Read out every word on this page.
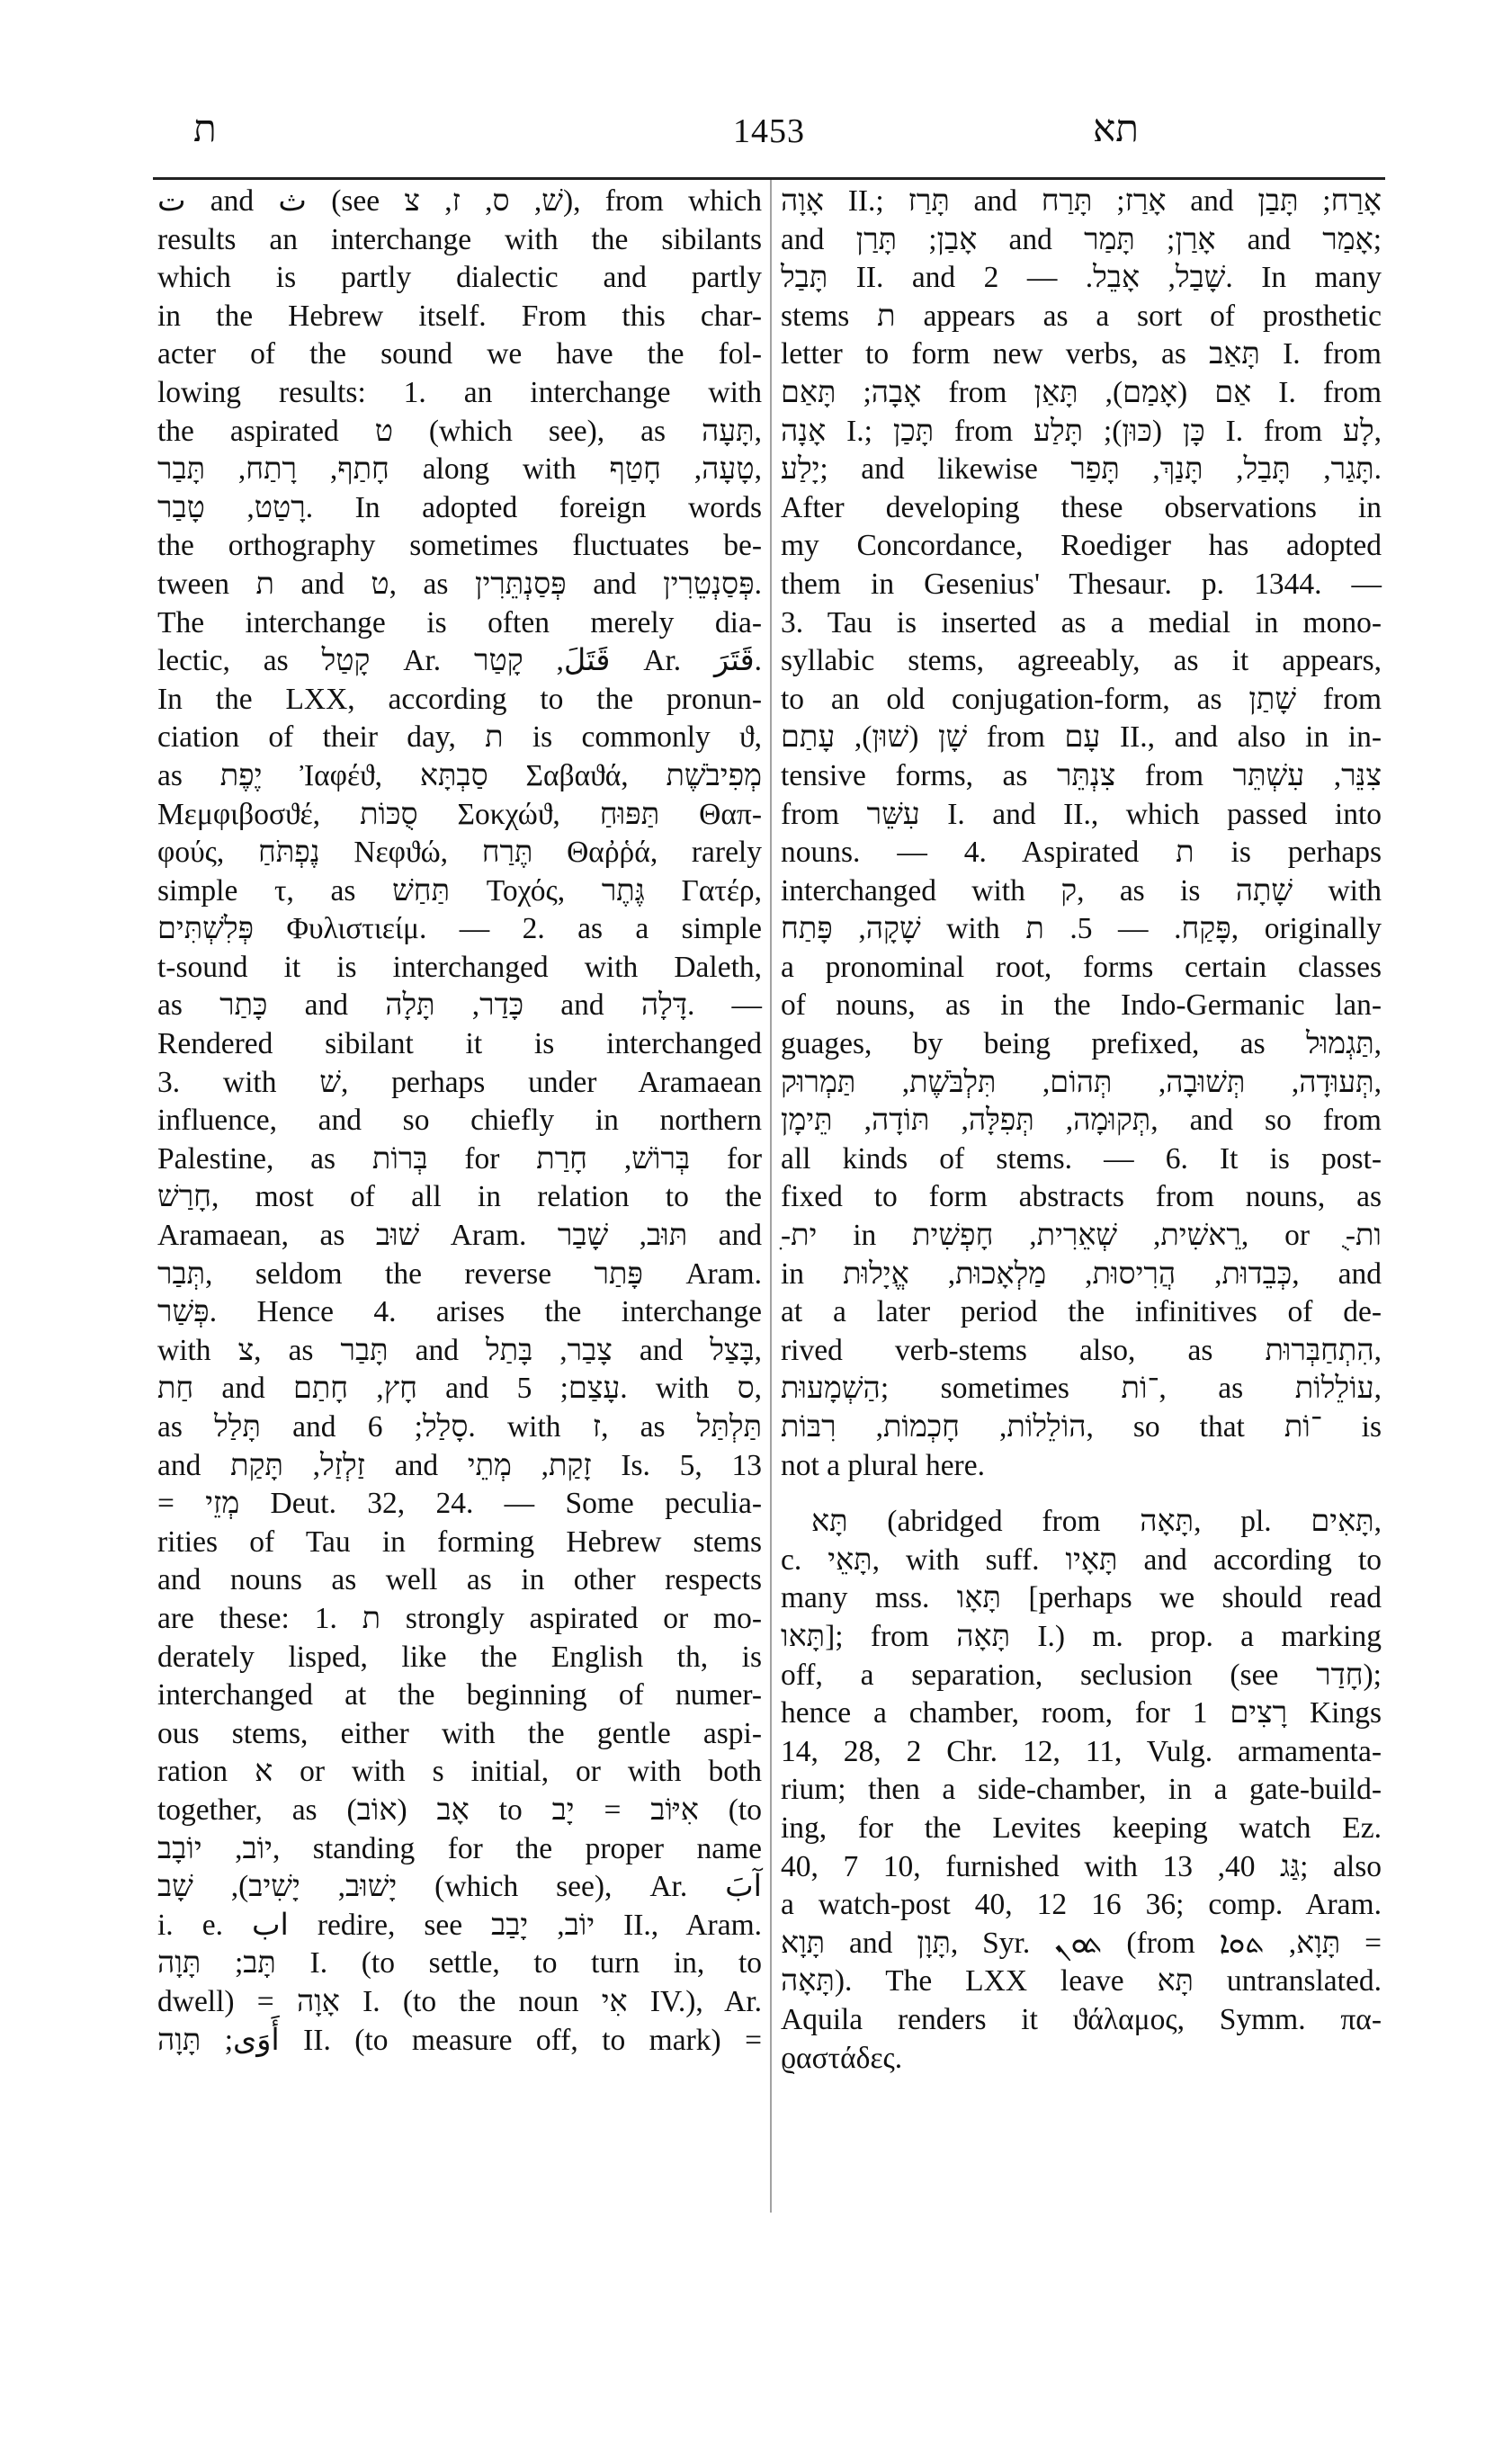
ת	1453	תא
ت and ث (see שׁ, ס, ז, צ), from which
results an interchange with the sibilants
which is partly dialectic and partly
in the Hebrew itself. From this char-
acter of the sound we have the fol-
lowing results: 1. an interchange with
the aspirated ט (which see), as תָּעָה,
חָתַף, רָתַח, תָּבַר along with טָעָה, חָטַף,
רָטַט, טָבַר. In adopted foreign words
the orthography sometimes fluctuates be-
tween ת and ט, as פְּסַנְתֵּרִין and פְּסַנְטֵרִין.
The interchange is often merely dia-
lectic, as קָטַל Ar. قَتَلَ, קָטַר Ar. قَتَرَ.
In the LXX, according to the pronun-
ciation of their day, ת is commonly ϑ,
as יֶפֶת Ἰαφέϑ, סַבְתָּא Σαβαϑά, מְפִיבֹשֶׁת
Μεμφιβοσϑέ, סֻכּוֹת Σοκχώϑ, תַּפּוּחַ Θαπ-
φούς, נֶפְתֹּחַ Νεφϑώ, תֶּרַח Θαῤῥά, rarely
simple τ, as תַּחַשׁ Τοχός, גֶּתֶר Γατέρ,
פְּלִשְׁתִּים Φυλιστιείμ. — 2. as a simple
t-sound it is interchanged with Daleth,
as כָּתַר and כָּדַר, תָּלָה and דָּלָה. —
Rendered sibilant it is interchanged
3. with שׁ, perhaps under Aramaean
influence, and so chiefly in northern
Palestine, as בְּרוֹת for בְּרוֹשׁ, חָרַת for
חָרַשׁ, most of all in relation to the
Aramaean, as שׁוּב Aram. תּוּב, שָׁבַר and
תְּבַר, seldom the reverse פָּתַר Aram.
פְּשַׁר. Hence 4. arises the interchange
with צ, as תָּבַר and צָבַר, בָּתַל and בָּצַל,
חַת and חָץ, חָתַם and עָצַם; 5. with ס,
as תָּלַל and סָלַל; 6. with ז, as תַּלְתַּל
and זַלְזַל, תָּקַת and זָקַת, מְתֵי Is. 5, 13
= מְזֵי Deut. 32, 24. — Some peculia-
rities of Tau in forming Hebrew stems
and nouns as well as in other respects
are these: 1. ת strongly aspirated or mo-
derately lisped, like the English th, is
interchanged at the beginning of numer-
ous stems, either with the gentle aspi-
ration א or with s initial, or with both
together, as אָב (אוֹב) to אִיּוֹב = יָב (to
יוֹב, יוֹבָב, standing for the proper name
יָשׁוּב, יָשִׁיב), שָׁב (which see), Ar. آبَ
i. e. اب redire, see יוֹב, יָבַב II., Aram.
תָּב; תָּוָה I. (to settle, to turn in, to
dwell) = אָוָה I. (to the noun אִי IV.), Ar.
أَوَى; תָּוָה II. (to measure off, to mark) =
אָוָה II.; תָּרַז and אָרַז; תָּרַח and אָרַח; תָּבַן
and אָבַן; תָּרַן and אָרַן; תָּמַר and אָמַר;
תָּבַל II. and שָׁבַל, אָבֵל. — 2. In many
stems ת appears as a sort of prosthetic
letter to form new verbs, as תָּאַב I. from
אָבָה; תָּאַם from אַם (אָמַם), תָּאַן I. from
אָנָה I.; תָּכַן from כָּן (כּוּן); תָּלַע I. from לָע,
יָלַע; and likewise תָּגַר, תָּבַל, תָּנַךְ, תָּפַר.
After developing these observations in
my Concordance, Roediger has adopted
them in Gesenius' Thesaur. p. 1344. —
3. Tau is inserted as a medial in mono-
syllabic stems, agreeably, as it appears,
to an old conjugation-form, as שָׁתַן from
שָׁן (שׁוּן), עָתַם from עָם II., and also in in-
tensive forms, as צִנְתֵּר from צִנֵּר, עִשְׁתֵּר
from עִשֵּׁר I. and II., which passed into
nouns. — 4. Aspirated ת is perhaps
interchanged with ק, as is שָׁתָה with
שָׁקָה, פָּתַח with פָּקַח. — 5. ת, originally
a pronominal root, forms certain classes
of nouns, as in the Indo-Germanic lan-
guages, by being prefixed, as תַּגְמוּל,
תְּעוּדָה, תְּשׁוּבָה, תְּהוֹם, תִּלְבֹּשֶׁת, תַּמְרוּק,
תְּקוּמָה, תְּפִלָּה, תּוֹדָה, תֵּימָן, and so from
all kinds of stems. — 6. It is post-
fixed to form abstracts from nouns, as
ִ-ית in רֵאשִׁית, שְׁאֵרִית, חָפְשִׁית, or ֻ-ות
in כְּבֵדוּת, הֲרִיסוּת, מַלְאָכוּת, אֱיָלוּת, and
at a later period the infinitives of de-
rived verb-stems also, as הִתְחַבְּרוּת,
הַשְׁמָעוּת; sometimes ־וֹת, as עוֹלֵלוֹת,
הוֹלֵלוֹת, חָכְמוֹת, רִבּוֹת, so that ־וֹת is
not a plural here.
תָּא (abridged from תָּאָה, pl. תָּאִים,
c. תָּאֵי, with suff. תָּאָיו and according to
many mss. תָּאָו [perhaps we should read
תָּאו]; from תָּאָה I.) m. prop. a marking
off, a separation, seclusion (see חָדַר);
hence a chamber, room, for רָצִים 1 Kings
14, 28, 2 Chr. 12, 11, Vulg. armamenta-
rium; then a side-chamber, in a gate-build-
ing, for the Levites keeping watch Ez.
40, 7 10, furnished with גַּג 40, 13; also
a watch-post 40, 12 16 36; comp. Aram.
תָּוָא and תָּוָן, Syr. ܬܘܢ (from תָּוָא, ܬܘܐ =
תָּאָה). The LXX leave תָּא untranslated.
Aquila renders it ϑάλαμος, Symm. πα-
ϱαστάδες.
